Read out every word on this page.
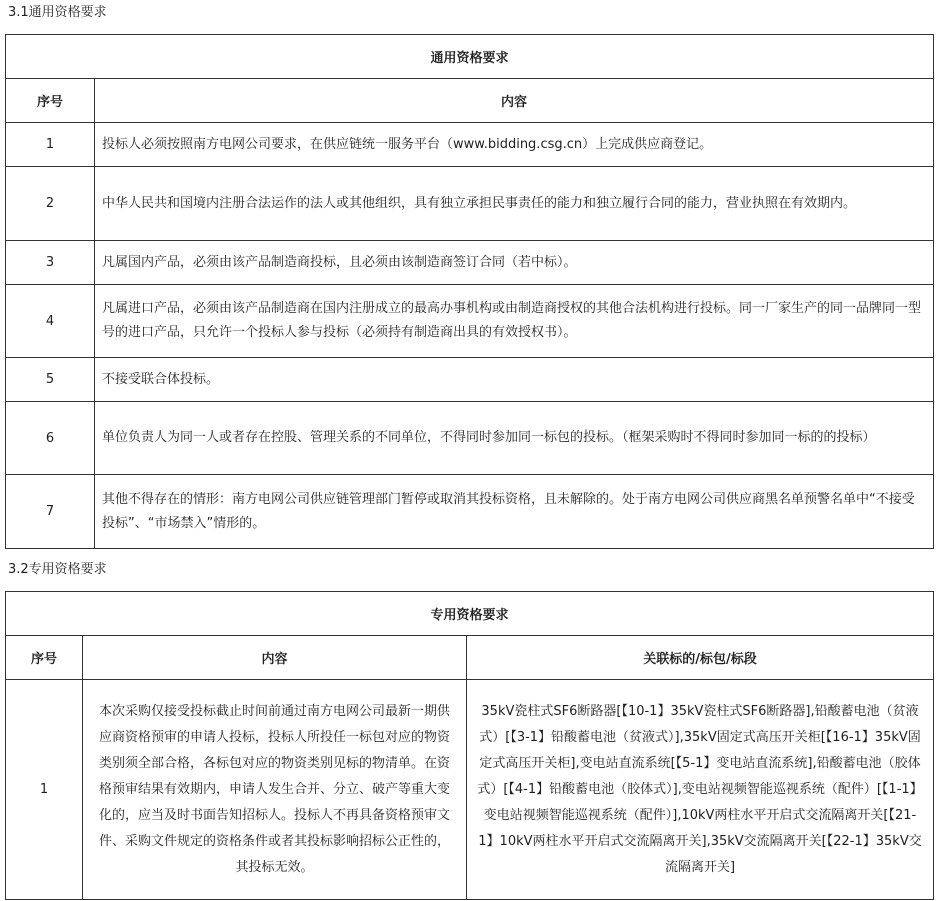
3.1通用资格要求
通用资格要求	
序号	内容
1	投标人必须按照南方电网公司要求，在供应链统一服务平台（www.bidding.csg.cn）上完成供应商登记。
2	中华人民共和国境内注册合法运作的法人或其他组织，具有独立承担民事责任的能力和独立履行合同的能力，营业执照在有效期内。
3	凡属国内产品，必须由该产品制造商投标，且必须由该制造商签订合同（若中标）。
4	凡属进口产品，必须由该产品制造商在国内注册成立的最高办事机构或由制造商授权的其他合法机构进行投标。同一厂家生产的同一品牌同一型号的进口产品，只允许一个投标人参与投标（必须持有制造商出具的有效授权书）。
5	不接受联合体投标。
6	单位负责人为同一人或者存在控股、管理关系的不同单位，不得同时参加同一标包的投标。（框架采购时不得同时参加同一标的的投标）
7	其他不得存在的情形：南方电网公司供应链管理部门暂停或取消其投标资格，且未解除的。处于南方电网公司供应商黑名单预警名单中“不接受投标”、“市场禁入”情形的。
3.2专用资格要求
专用资格要求		
序号	内容	关联标的/标包/标段
1	本次采购仅接受投标截止时间前通过南方电网公司最新一期供应商资格预审的申请人投标，投标人所投任一标包对应的物资类别须全部合格，各标包对应的物资类别见标的物清单。在资格预审结果有效期内，申请人发生合并、分立、破产等重大变化的，应当及时书面告知招标人。投标人不再具备资格预审文件、采购文件规定的资格条件或者其投标影响招标公正性的，其投标无效。	35kV瓷柱式SF6断路器[【10-1】35kV瓷柱式SF6断路器],铅酸蓄电池（贫液式）[【3-1】铅酸蓄电池（贫液式）],35kV固定式高压开关柜[【16-1】35kV固定式高压开关柜],变电站直流系统[【5-1】变电站直流系统],铅酸蓄电池（胶体式）[【4-1】铅酸蓄电池（胶体式）],变电站视频智能巡视系统（配件）[【1-1】变电站视频智能巡视系统（配件）],10kV两柱水平开启式交流隔离开关[【21-1】10kV两柱水平开启式交流隔离开关],35kV交流隔离开关[【22-1】35kV交流隔离开关]
